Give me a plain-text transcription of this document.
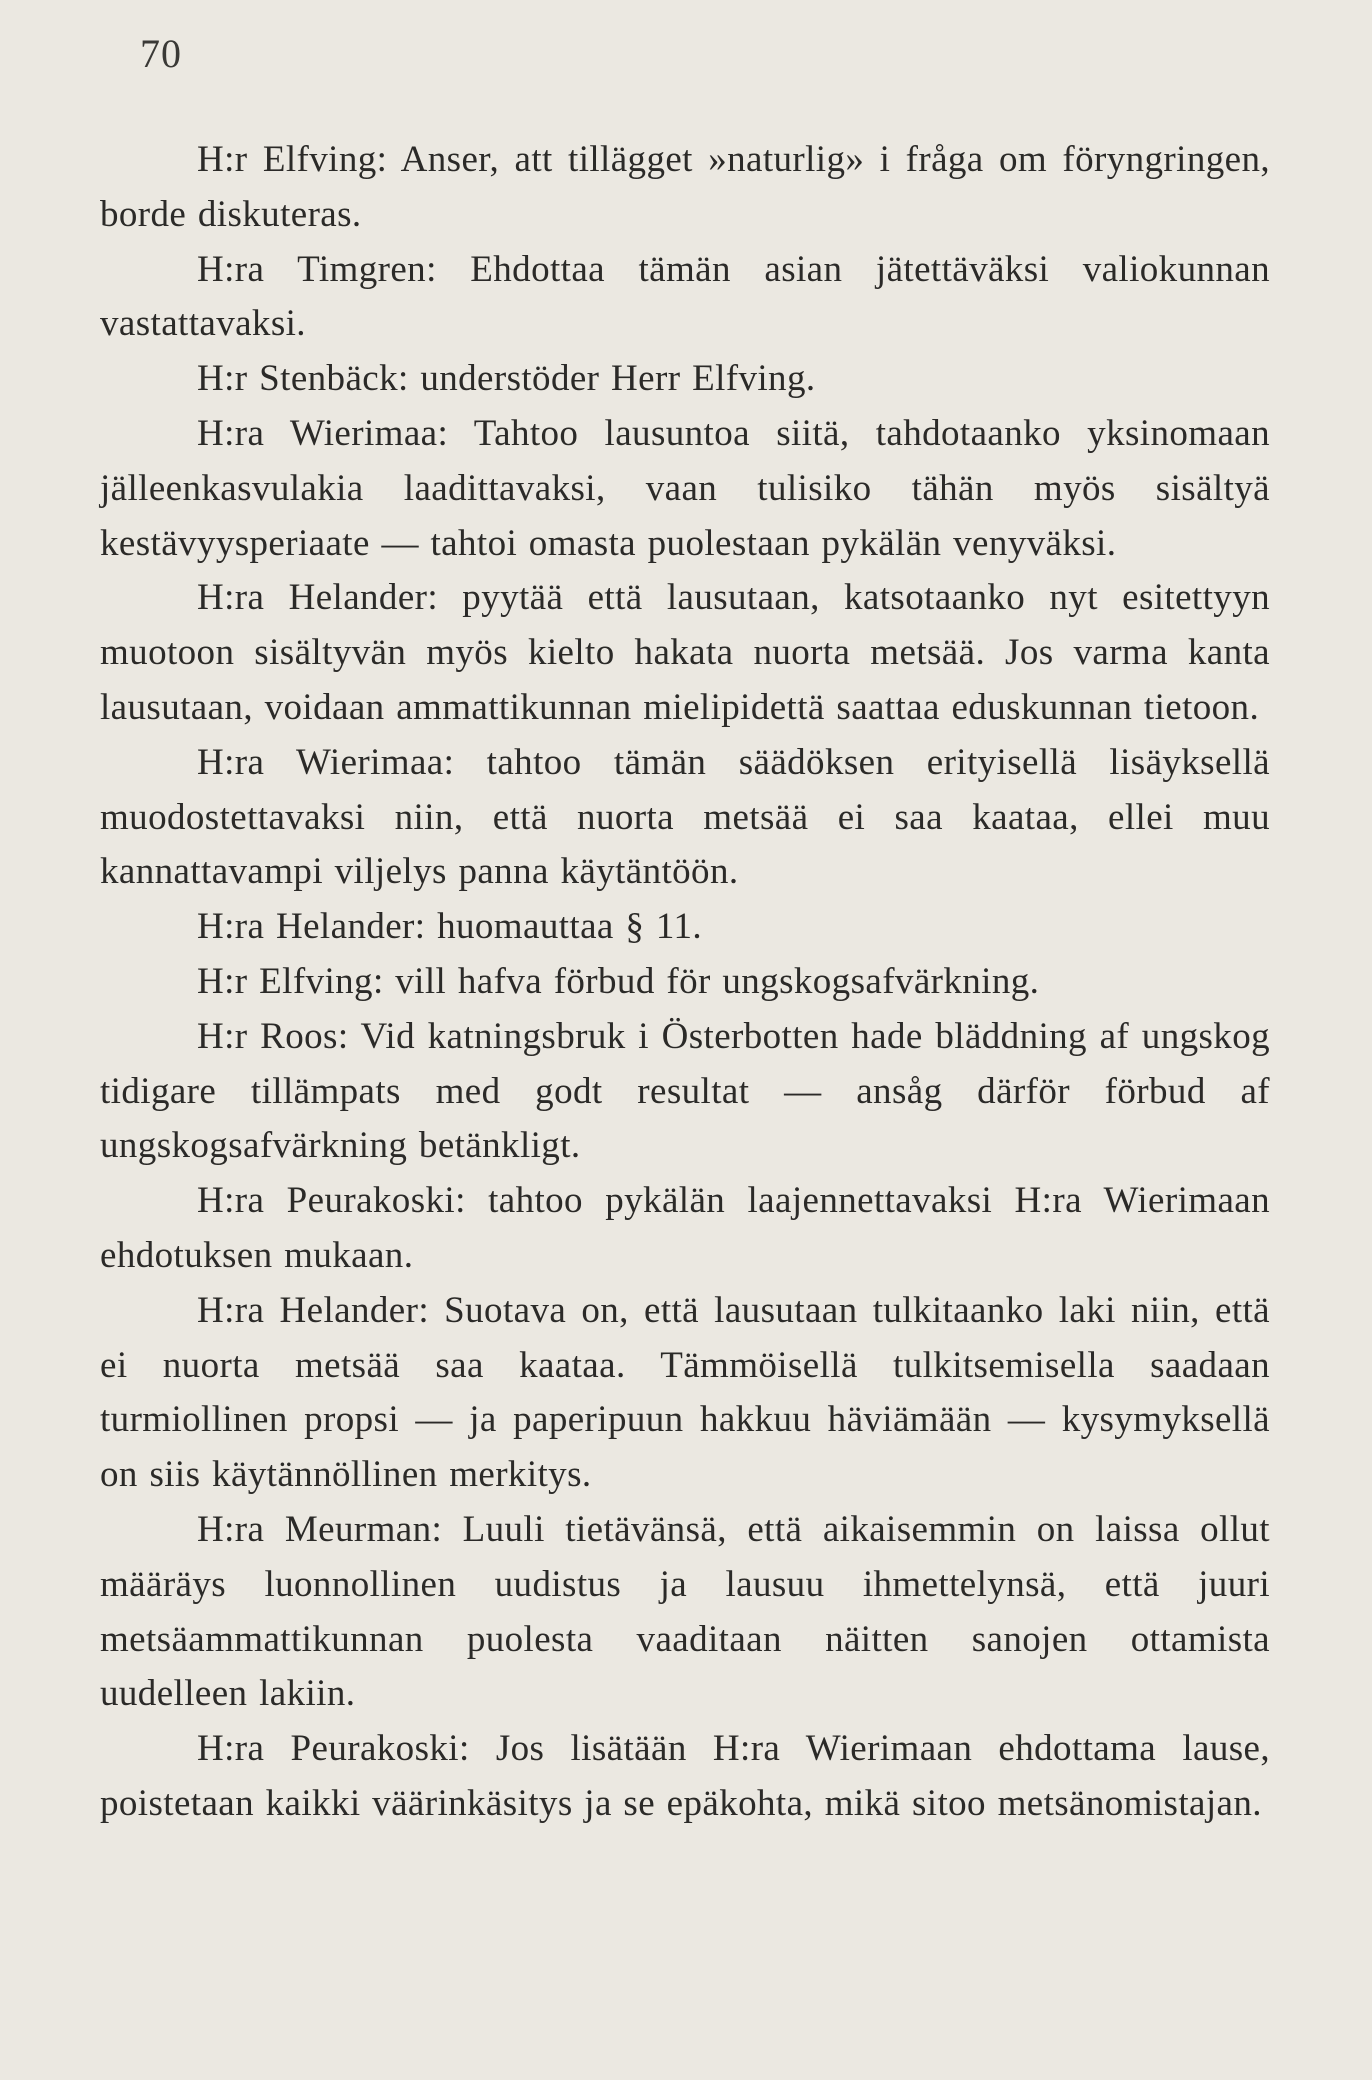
70

H:r Elfving: Anser, att tillägget »naturlig» i fråga om föryngringen, borde diskuteras.

H:ra Timgren: Ehdottaa tämän asian jätettäväksi valiokunnan vastattavaksi.

H:r Stenbäck: understöder Herr Elfving.

H:ra Wierimaa: Tahtoo lausuntoa siitä, tahdotaanko yksinomaan jälleenkasvulakia laadittavaksi, vaan tulisiko tähän myös sisältyä kestävyysperiaate — tahtoi omasta puolestaan pykälän venyväksi.

H:ra Helander: pyytää että lausutaan, katsotaanko nyt esitettyyn muotoon sisältyvän myös kielto hakata nuorta metsää. Jos varma kanta lausutaan, voidaan ammattikunnan mielipidettä saattaa eduskunnan tietoon.

H:ra Wierimaa: tahtoo tämän säädöksen erityisellä lisäyksellä muodostettavaksi niin, että nuorta metsää ei saa kaataa, ellei muu kannattavampi viljelys panna käytäntöön.

H:ra Helander: huomauttaa § 11.

H:r Elfving: vill hafva förbud för ungskogsafvärkning.

H:r Roos: Vid katningsbruk i Österbotten hade bläddning af ungskog tidigare tillämpats med godt resultat — ansåg därför förbud af ungskogsafvärkning betänkligt.

H:ra Peurakoski: tahtoo pykälän laajennettavaksi H:ra Wierimaan ehdotuksen mukaan.

H:ra Helander: Suotava on, että lausutaan tulkitaanko laki niin, että ei nuorta metsää saa kaataa. Tämmöisellä tulkitsemisella saadaan turmiollinen propsi — ja paperipuun hakkuu häviämään — kysymyksellä on siis käytännöllinen merkitys.

H:ra Meurman: Luuli tietävänsä, että aikaisemmin on laissa ollut määräys luonnollinen uudistus ja lausuu ihmettelynsä, että juuri metsäammattikunnan puolesta vaaditaan näitten sanojen ottamista uudelleen lakiin.

H:ra Peurakoski: Jos lisätään H:ra Wierimaan ehdottama lause, poistetaan kaikki väärinkäsitys ja se epäkohta, mikä sitoo metsänomistajan.
